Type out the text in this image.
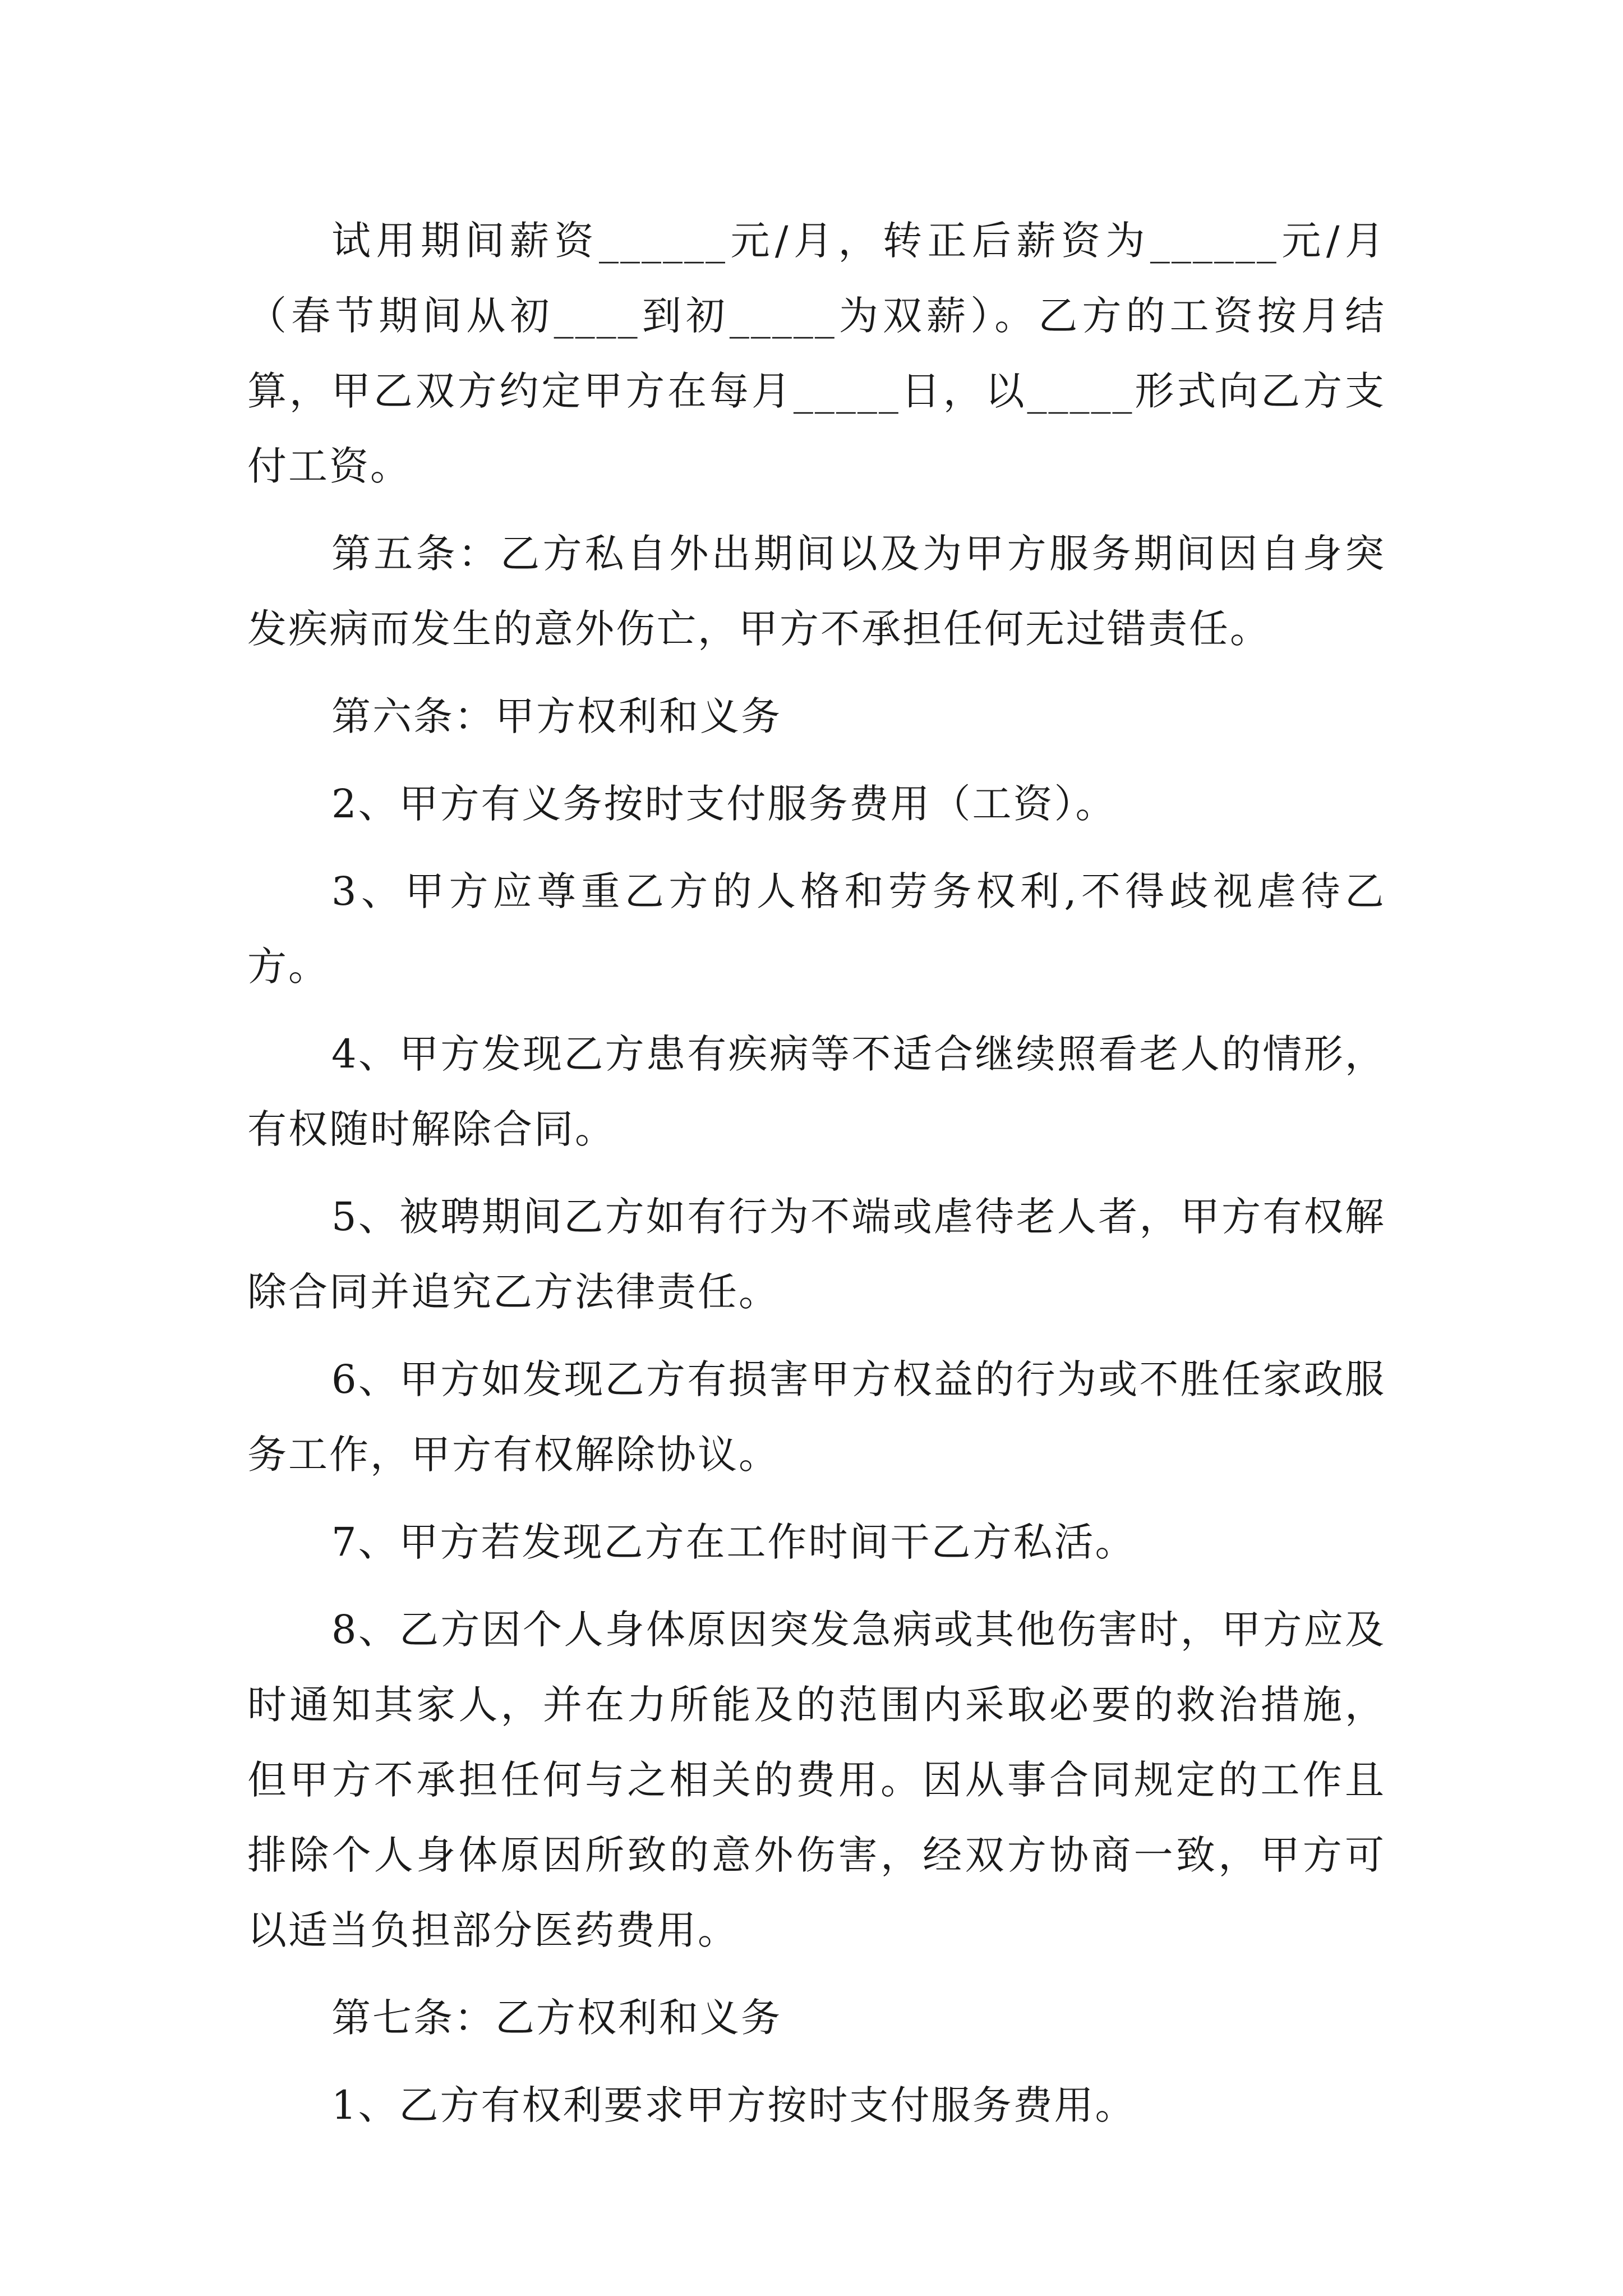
试用期间薪资______元/月，转正后薪资为______元/月（春节期间从初____到初_____为双薪）。乙方的工资按月结算，甲乙双方约定甲方在每月_____日，以_____形式向乙方支付工资。

第五条：乙方私自外出期间以及为甲方服务期间因自身突发疾病而发生的意外伤亡，甲方不承担任何无过错责任。

第六条：甲方权利和义务

2、甲方有义务按时支付服务费用（工资）。

3、甲方应尊重乙方的人格和劳务权利,不得歧视虐待乙方。

4、甲方发现乙方患有疾病等不适合继续照看老人的情形，有权随时解除合同。

5、被聘期间乙方如有行为不端或虐待老人者，甲方有权解除合同并追究乙方法律责任。

6、甲方如发现乙方有损害甲方权益的行为或不胜任家政服务工作，甲方有权解除协议。

7、甲方若发现乙方在工作时间干乙方私活。

8、乙方因个人身体原因突发急病或其他伤害时，甲方应及时通知其家人，并在力所能及的范围内采取必要的救治措施，但甲方不承担任何与之相关的费用。因从事合同规定的工作且排除个人身体原因所致的意外伤害，经双方协商一致，甲方可以适当负担部分医药费用。

第七条：乙方权利和义务

1、乙方有权利要求甲方按时支付服务费用。
